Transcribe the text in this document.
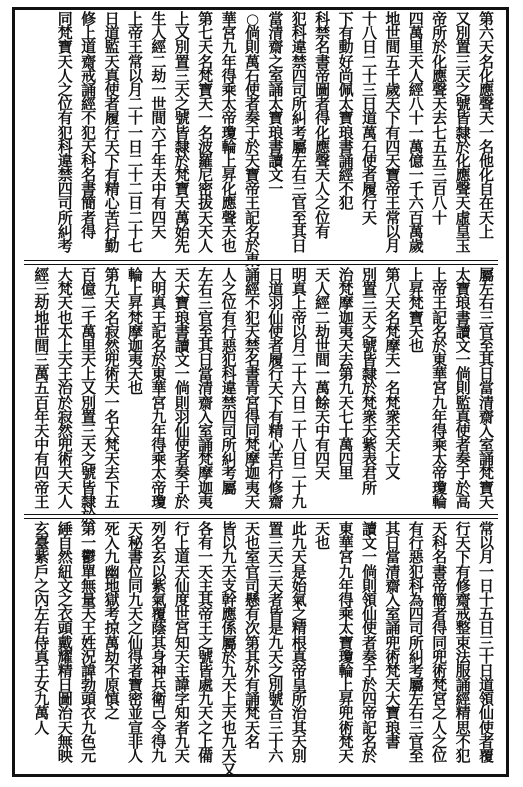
第
六
天
名
化
應
聲
天
一
名
他
化
自
在
天
上
又
別
置
三
天
之
號
皆
隸
於
化
應
聲
天
虛
皇
玉
帝
所
於
化
應
聲
天
去
七
五
五
三
百
八
十
四
萬
里
天
人
經
八
十
一
萬
億
一
千
六
百
萬
歲
地
世
間
五
千
歲
天
下
有
四
天
寶
帝
王
常
以
月
十
八
日
二
十
三
日
道
萬
石
使
者
履
行
天
下
有
動
好
尚
佩
太
寶
琅
書
誦
經
不
犯
科
禁
名
書
帝
圖
者
得
化
應
聲
天
人
之
位
有
犯
科
違
禁
四
司
所
糾
考
屬
左
右
三
官
至
其
日
當
清
齋
之
室
誦
太
寶
琅
書
讀
文
一
○
倘
則
萬
石
使
者
奏
于
於
天
寶
帝
王
記
名
於
華
宮
九
年
得
乘
太
帝
瓊
輪
上
昇
化
應
聲
天
也
第
七
天
名
梵
寶
天
一
名
波
羅
尼
密
拔
天
天
人
上
又
別
置
三
天
之
號
皆
隸
於
梵
寶
天
萬
始
先
生
人
經
二
劫
一
世
間
六
千
年
天
中
有
四
天
上
帝
王
常
以
月
二
十
一
日
二
十
二
日
二
十
七
日
道
監
天
真
使
者
履
行
天
下
有
精
心
苦
行
勤
修
上
道
齋
戒
誦
經
不
犯
天
科
名
書
簡
者
得
同
梵
寶
天
人
之
位
有
犯
科
違
禁
四
司
所
糾
考
屬
左
右
三
官
至
其
日
當
清
齋
入
室
誦
梵
寶
天
太
寶
琅
書
讀
文
一
倘
則
監
真
使
者
奏
于
於
高
上
帝
王
記
名
於
東
華
宮
九
年
得
乘
太
帝
瓊
輪
上
昇
梵
寶
天
也
第
八
天
名
梵
摩
天
一
名
梵
衆
天
天
上
又
別
置
三
天
之
號
皆
隸
於
梵
衆
天
紫
表
君
所
治
梵
摩
迦
夷
天
去
第
九
天
七
十
萬
四
里
天
人
經
二
劫
世
間
一
萬
餘
天
中
有
四
天
明
真
上
帝
以
月
二
十
六
日
二
十
八
日
二
十
九
日
道
羽
仙
使
者
履
行
天
下
有
精
心
苦
行
修
齋
誦
經
不
犯
天
禁
名
書
青
宮
得
同
梵
摩
迦
夷
天
人
之
位
有
行
惡
犯
科
違
禁
四
司
所
糾
考
屬
左
右
三
官
至
其
日
當
清
齋
入
室
誦
梵
摩
迦
夷
天
大
寶
琅
書
讀
文
一
倘
則
羽
仙
使
者
奏
于
於
大
明
真
王
記
名
於
東
華
宮
九
年
得
乘
太
帝
瓊
輪
上
昇
梵
摩
迦
夷
天
也
第
九
天
名
寂
然
兜
術
天
一
名
大
梵
天
去
下
五
百
億
二
千
萬
里
天
上
又
別
置
三
天
之
號
皆
隸
大
梵
天
也
太
上
天
王
治
於
寂
然
兜
術
天
天
人
經
三
劫
地
世
間
三
萬
五
百
年
天
中
有
四
帝
王
常
以
月
一
日
十
五
日
三
十
日
道
領
仙
使
者
覆
行
天
下
有
修
齋
戒
整
束
法
服
誦
經
精
思
不
犯
天
科
名
書
帝
簡
者
得
同
兜
術
梵
宮
之
人
之
位
有
行
惡
犯
科
為
四
司
所
糾
考
屬
左
右
三
官
至
其
日
當
清
齋
入
室
誦
兜
術
梵
天
大
寶
琅
書
讀
文
一
倘
則
領
仙
使
者
奏
于
於
四
帝
記
名
於
東
華
宮
九
年
得
乘
太
寶
瓊
輪
上
昇
兜
術
梵
天
天
也
此
九
天
是
始
氣
之
精
根
真
帝
皇
所
治
其
天
別
置
三
天
三
天
者
皆
是
九
天
之
別
號
合
三
十
六
天
也
室
官
司
懸
有
次
第
其
外
有
誦
梵
天
名
皆
以
九
天
支
幹
應
係
屬
於
九
天
上
天
也
九
天
又
各
有
一
天
主
其
帝
王
之
號
皆
處
九
天
之
上
備
行
上
道
天
仙
度
世
宮
知
天
主
諱
字
知
者
九
天
列
名
玄
以
紫
氣
覆
蔭
其
身
神
兵
衛
己
令
得
九
天
秘
書
位
同
九
天
之
仙
得
者
寶
密
並
宣
非
人
死
入
九
幽
地
獄
考
掠
萬
劫
不
原
慎
之
第
一
鬱
單
無
量
天
王
姓
況
諱
勃
頭
衣
九
色
元
綞
自
然
紐
文
之
衣
頭
戴
耀
精
日
圖
治
天
無
映
玄
臺
紫
戶
之
內
左
右
侍
真
王
女
九
萬
人
